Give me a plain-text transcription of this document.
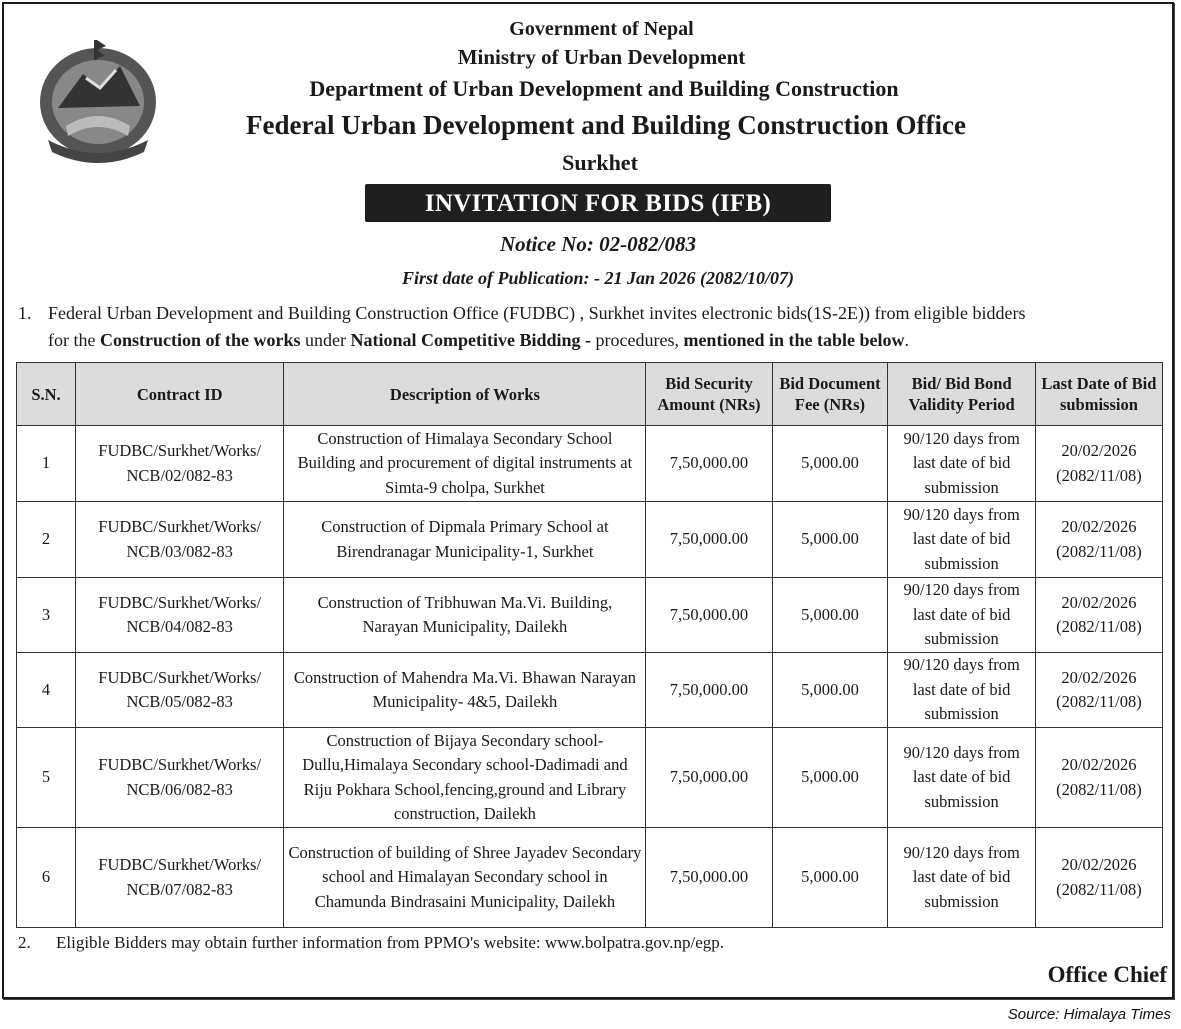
Government of Nepal
Ministry of Urban Development
Department of Urban Development and Building Construction
Federal Urban Development and Building Construction Office
Surkhet
INVITATION FOR BIDS (IFB)
Notice No: 02-082/083
First date of Publication: - 21 Jan 2026 (2082/10/07)
1. Federal Urban Development and Building Construction Office (FUDBC) , Surkhet invites electronic bids(1S-2E)) from eligible bidders
for the Construction of the works under National Competitive Bidding - procedures, mentioned in the table below.
S.N.	Contract ID	Description of Works	Bid Security Amount (NRs)	Bid Document Fee (NRs)	Bid/ Bid Bond Validity Period	Last Date of Bid submission
1	FUDBC/Surkhet/Works/ NCB/02/082-83	Construction of Himalaya Secondary School Building and procurement of digital instruments at Simta-9 cholpa, Surkhet	7,50,000.00	5,000.00	90/120 days from last date of bid submission	20/02/2026 (2082/11/08)
2	FUDBC/Surkhet/Works/ NCB/03/082-83	Construction of Dipmala Primary School at Birendranagar Municipality-1, Surkhet	7,50,000.00	5,000.00	90/120 days from last date of bid submission	20/02/2026 (2082/11/08)
3	FUDBC/Surkhet/Works/ NCB/04/082-83	Construction of Tribhuwan Ma.Vi. Building, Narayan Municipality, Dailekh	7,50,000.00	5,000.00	90/120 days from last date of bid submission	20/02/2026 (2082/11/08)
4	FUDBC/Surkhet/Works/ NCB/05/082-83	Construction of Mahendra Ma.Vi. Bhawan Narayan Municipality- 4&5, Dailekh	7,50,000.00	5,000.00	90/120 days from last date of bid submission	20/02/2026 (2082/11/08)
5	FUDBC/Surkhet/Works/ NCB/06/082-83	Construction of Bijaya Secondary school-Dullu,Himalaya Secondary school-Dadimadi and Riju Pokhara School,fencing,ground and Library construction, Dailekh	7,50,000.00	5,000.00	90/120 days from last date of bid submission	20/02/2026 (2082/11/08)
6	FUDBC/Surkhet/Works/ NCB/07/082-83	Construction of building of Shree Jayadev Secondary school and Himalayan Secondary school in Chamunda Bindrasaini Municipality, Dailekh	7,50,000.00	5,000.00	90/120 days from last date of bid submission	20/02/2026 (2082/11/08)
2. Eligible Bidders may obtain further information from PPMO's website: www.bolpatra.gov.np/egp.
Office Chief
Source: Himalaya Times
